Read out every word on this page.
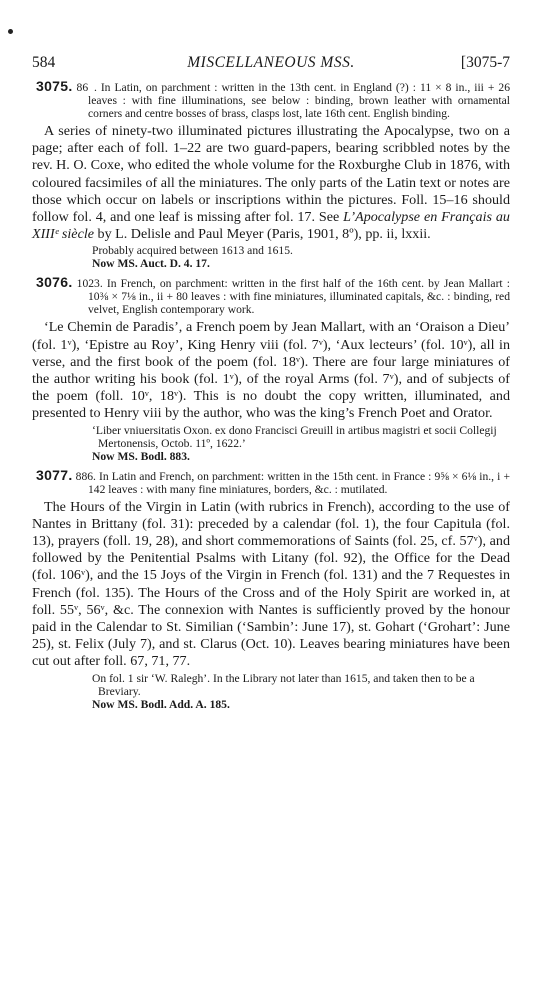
584	MISCELLANEOUS MSS.	[3075-7
3075. 86 . In Latin, on parchment : written in the 13th cent. in England (?) : 11 × 8 in., iii + 26 leaves : with fine illuminations, see below : binding, brown leather with ornamental corners and centre bosses of brass, clasps lost, late 16th cent. English binding.

A series of ninety-two illuminated pictures illustrating the Apocalypse, two on a page; after each of foll. 1–22 are two guard-papers, bearing scribbled notes by the rev. H. O. Coxe, who edited the whole volume for the Roxburghe Club in 1876, with coloured facsimiles of all the miniatures. The only parts of the Latin text or notes are those which occur on labels or inscriptions within the pictures. Foll. 15–16 should follow fol. 4, and one leaf is missing after fol. 17. See L’Apocalypse en Français au XIIIᵉ siècle by L. Delisle and Paul Meyer (Paris, 1901, 8º), pp. ii, lxxii.

Probably acquired between 1613 and 1615.
Now MS. Auct. D. 4. 17.
3076. 1023. In French, on parchment: written in the first half of the 16th cent. by Jean Mallart : 10⅜ × 7⅛ in., ii + 80 leaves : with fine miniatures, illuminated capitals, &c. : binding, red velvet, English contemporary work.

‘Le Chemin de Paradis’, a French poem by Jean Mallart, with an ‘Oraison a Dieu’ (fol. 1ᵛ), ‘Epistre au Roy’, King Henry viii (fol. 7ᵛ), ‘Aux lecteurs’ (fol. 10ᵛ), all in verse, and the first book of the poem (fol. 18ᵛ). There are four large miniatures of the author writing his book (fol. 1ᵛ), of the royal Arms (fol. 7ᵛ), and of subjects of the poem (foll. 10ᵛ, 18ᵛ). This is no doubt the copy written, illuminated, and presented to Henry viii by the author, who was the king’s French Poet and Orator.

‘Liber vniuersitatis Oxon. ex dono Francisci Greuill in artibus magistri et socii Collegij Mertonensis, Octob. 11º, 1622.’
Now MS. Bodl. 883.
3077. 886. In Latin and French, on parchment: written in the 15th cent. in France : 9⅝ × 6⅛ in., i + 142 leaves : with many fine miniatures, borders, &c. : mutilated.

The Hours of the Virgin in Latin (with rubrics in French), according to the use of Nantes in Brittany (fol. 31): preceded by a calendar (fol. 1), the four Capitula (fol. 13), prayers (foll. 19, 28), and short commemorations of Saints (fol. 25, cf. 57ᵛ), and followed by the Penitential Psalms with Litany (fol. 92), the Office for the Dead (fol. 106ᵛ), and the 15 Joys of the Virgin in French (fol. 131) and the 7 Requestes in French (fol. 135). The Hours of the Cross and of the Holy Spirit are worked in, at foll. 55ᵛ, 56ᵛ, &c. The connexion with Nantes is sufficiently proved by the honour paid in the Calendar to St. Similian (‘Sambin’: June 17), st. Gohart (‘Grohart’: June 25), st. Felix (July 7), and st. Clarus (Oct. 10). Leaves bearing miniatures have been cut out after foll. 67, 71, 77.

On fol. 1 sir ‘W. Ralegh’. In the Library not later than 1615, and taken then to be a Breviary.
Now MS. Bodl. Add. A. 185.
